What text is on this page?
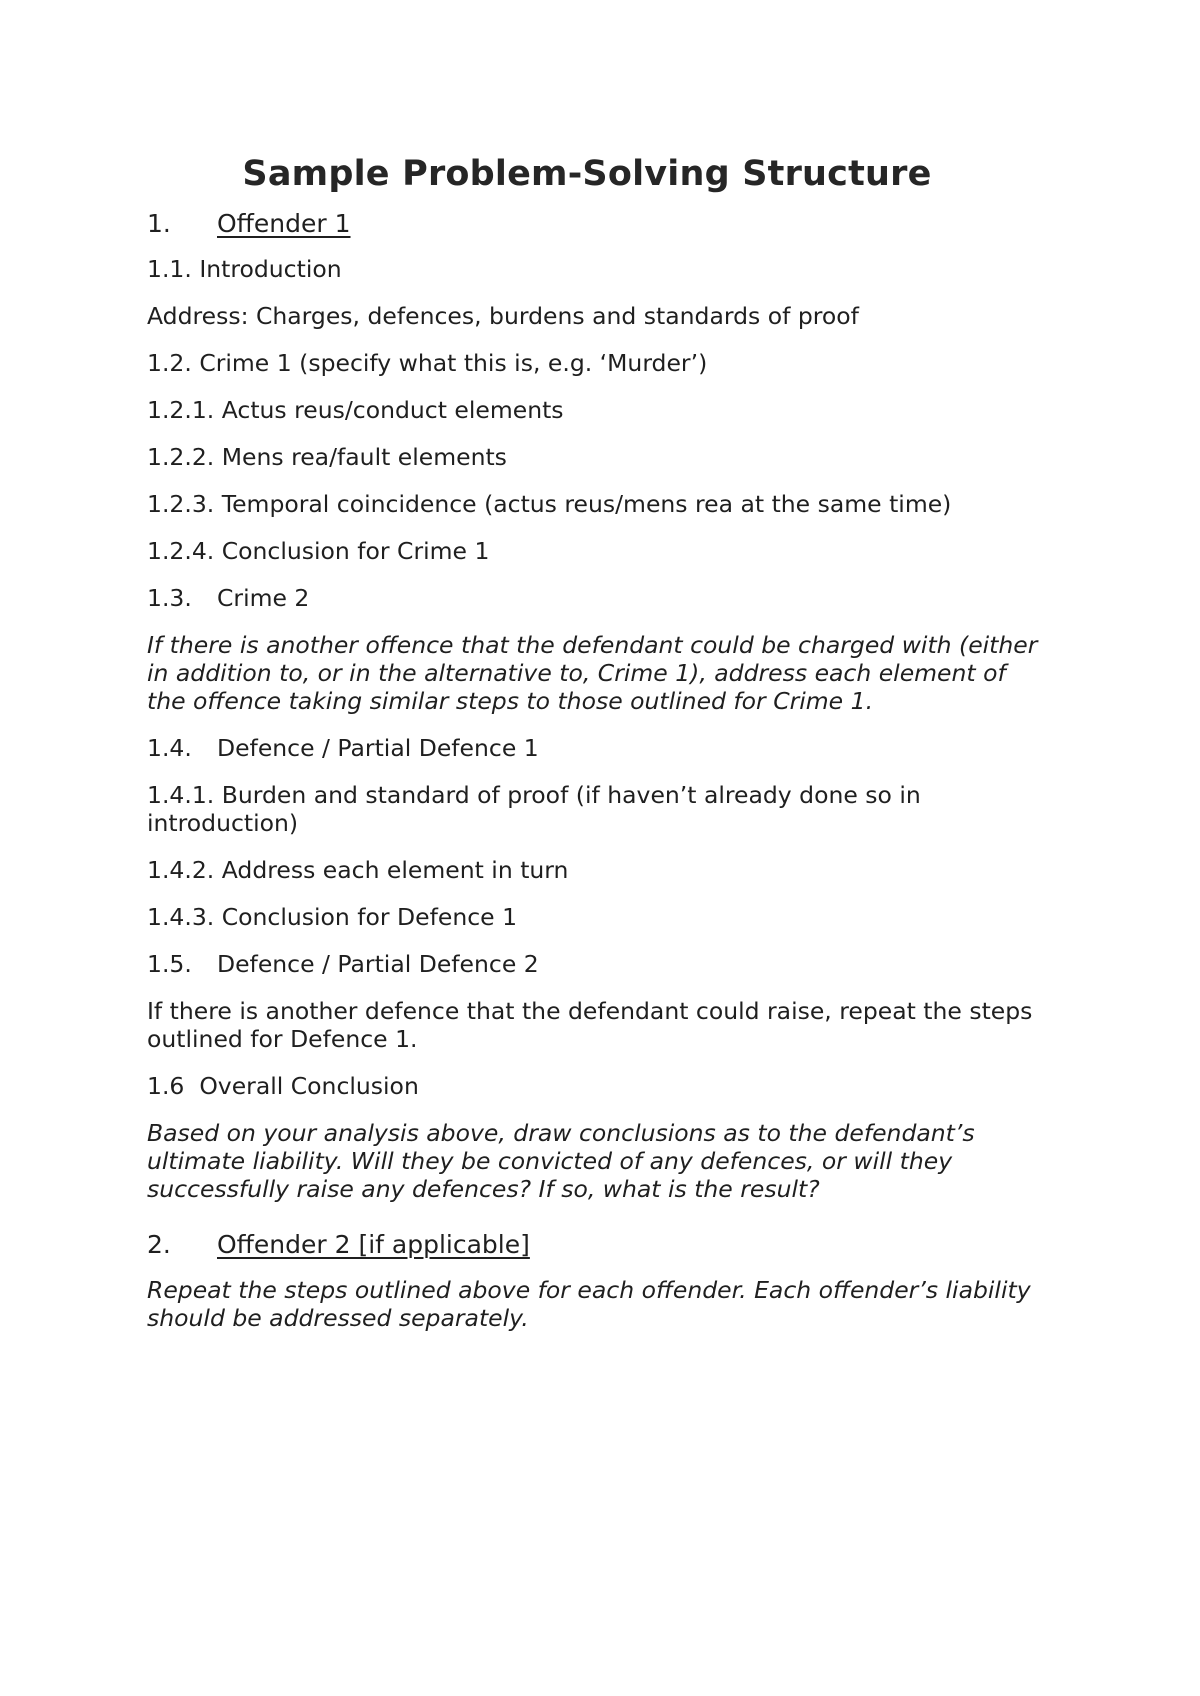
Sample Problem-Solving Structure
1.	Offender 1
1.1. Introduction
Address: Charges, defences, burdens and standards of proof
1.2. Crime 1 (specify what this is, e.g. ‘Murder’)
1.2.1. Actus reus/conduct elements
1.2.2. Mens rea/fault elements
1.2.3. Temporal coincidence (actus reus/mens rea at the same time)
1.2.4. Conclusion for Crime 1
1.3. Crime 2
If there is another offence that the defendant could be charged with (either in addition to, or in the alternative to, Crime 1), address each element of the offence taking similar steps to those outlined for Crime 1.
1.4. Defence / Partial Defence 1
1.4.1. Burden and standard of proof (if haven’t already done so in introduction)
1.4.2. Address each element in turn
1.4.3. Conclusion for Defence 1
1.5. Defence / Partial Defence 2
If there is another defence that the defendant could raise, repeat the steps outlined for Defence 1.
1.6  Overall Conclusion
Based on your analysis above, draw conclusions as to the defendant’s ultimate liability. Will they be convicted of any defences, or will they successfully raise any defences? If so, what is the result?
2.	Offender 2 [if applicable]
Repeat the steps outlined above for each offender. Each offender’s liability should be addressed separately.
